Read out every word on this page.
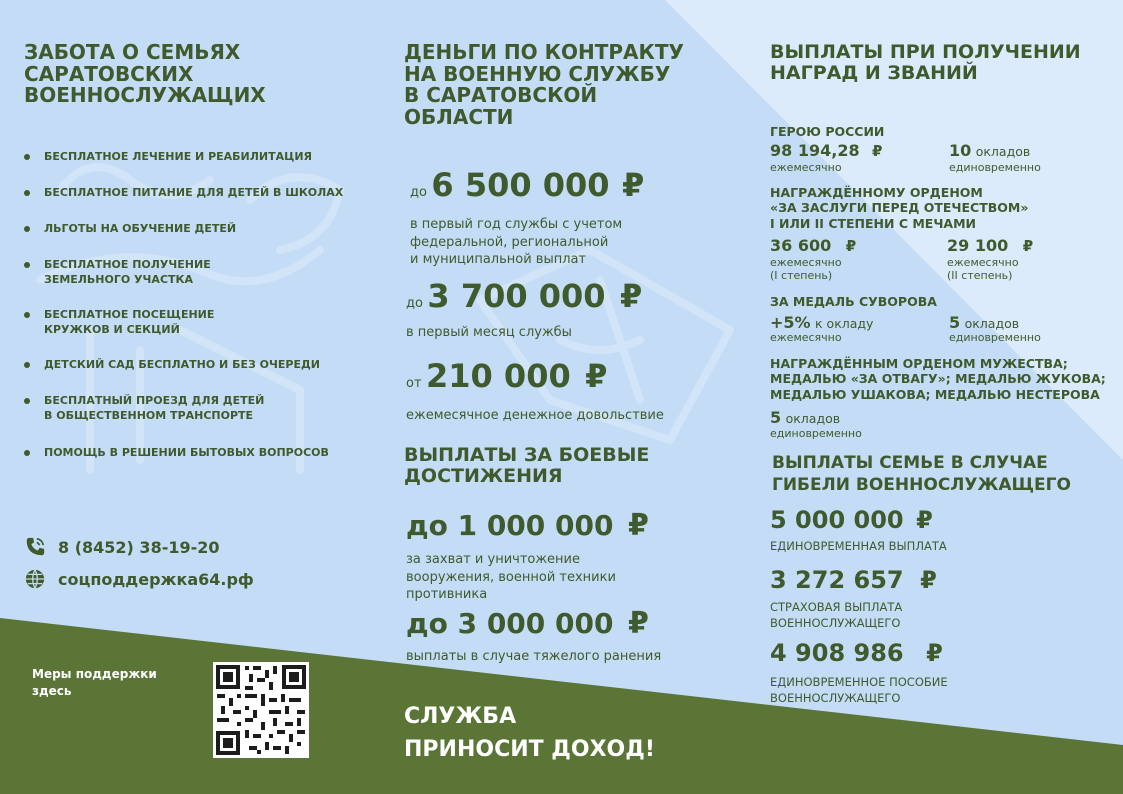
ЗАБОТА О СЕМЬЯХ
САРАТОВСКИХ
ВОЕННОСЛУЖАЩИХ
БЕСПЛАТНОЕ ЛЕЧЕНИЕ И РЕАБИЛИТАЦИЯ
БЕСПЛАТНОЕ ПИТАНИЕ ДЛЯ ДЕТЕЙ В ШКОЛАХ
ЛЬГОТЫ НА ОБУЧЕНИЕ ДЕТЕЙ
БЕСПЛАТНОЕ ПОЛУЧЕНИЕ
ЗЕМЕЛЬНОГО УЧАСТКА
БЕСПЛАТНОЕ ПОСЕЩЕНИЕ
КРУЖКОВ И СЕКЦИЙ
ДЕТСКИЙ САД БЕСПЛАТНО И БЕЗ ОЧЕРЕДИ
БЕСПЛАТНЫЙ ПРОЕЗД ДЛЯ ДЕТЕЙ
В ОБЩЕСТВЕННОМ ТРАНСПОРТЕ
ПОМОЩЬ В РЕШЕНИИ БЫТОВЫХ ВОПРОСОВ
8 (8452) 38-19-20
соцподдержка64.рф
ДЕНЬГИ ПО КОНТРАКТУ
НА ВОЕННУЮ СЛУЖБУ
В САРАТОВСКОЙ
ОБЛАСТИ
до 6 500 000 ₽
в первый год службы с учетом
федеральной, региональной
и муниципальной выплат
до 3 700 000 ₽
в первый месяц службы
от 210 000 ₽
ежемесячное денежное довольствие
ВЫПЛАТЫ ЗА БОЕВЫЕ
ДОСТИЖЕНИЯ
до 1 000 000 ₽
за захват и уничтожение
вооружения, военной техники
противника
до 3 000 000 ₽
выплаты в случае тяжелого ранения
ВЫПЛАТЫ ПРИ ПОЛУЧЕНИИ
НАГРАД И ЗВАНИЙ
ГЕРОЮ РОССИИ
98 194,28 ₽
ежемесячно
10 окладов
единовременно
НАГРАЖДЁННОМУ ОРДЕНОМ
«ЗА ЗАСЛУГИ ПЕРЕД ОТЕЧЕСТВОМ»
I ИЛИ II СТЕПЕНИ С МЕЧАМИ
36 600 ₽
ежемесячно
(I степень)
29 100 ₽
ежемесячно
(II степень)
ЗА МЕДАЛЬ СУВОРОВА
+5% к окладу
ежемесячно
5 окладов
единовременно
НАГРАЖДЁННЫМ ОРДЕНОМ МУЖЕСТВА;
МЕДАЛЬЮ «ЗА ОТВАГУ»; МЕДАЛЬЮ ЖУКОВА;
МЕДАЛЬЮ УШАКОВА; МЕДАЛЬЮ НЕСТЕРОВА
5 окладов
единовременно
ВЫПЛАТЫ СЕМЬЕ В СЛУЧАЕ
ГИБЕЛИ ВОЕННОСЛУЖАЩЕГО
5 000 000 ₽
ЕДИНОВРЕМЕННАЯ ВЫПЛАТА
3 272 657 ₽
СТРАХОВАЯ ВЫПЛАТА
ВОЕННОСЛУЖАЩЕГО
4 908 986 ₽
ЕДИНОВРЕМЕННОЕ ПОСОБИЕ
ВОЕННОСЛУЖАЩЕГО
Меры поддержки
здесь
СЛУЖБА
ПРИНОСИТ ДОХОД!
